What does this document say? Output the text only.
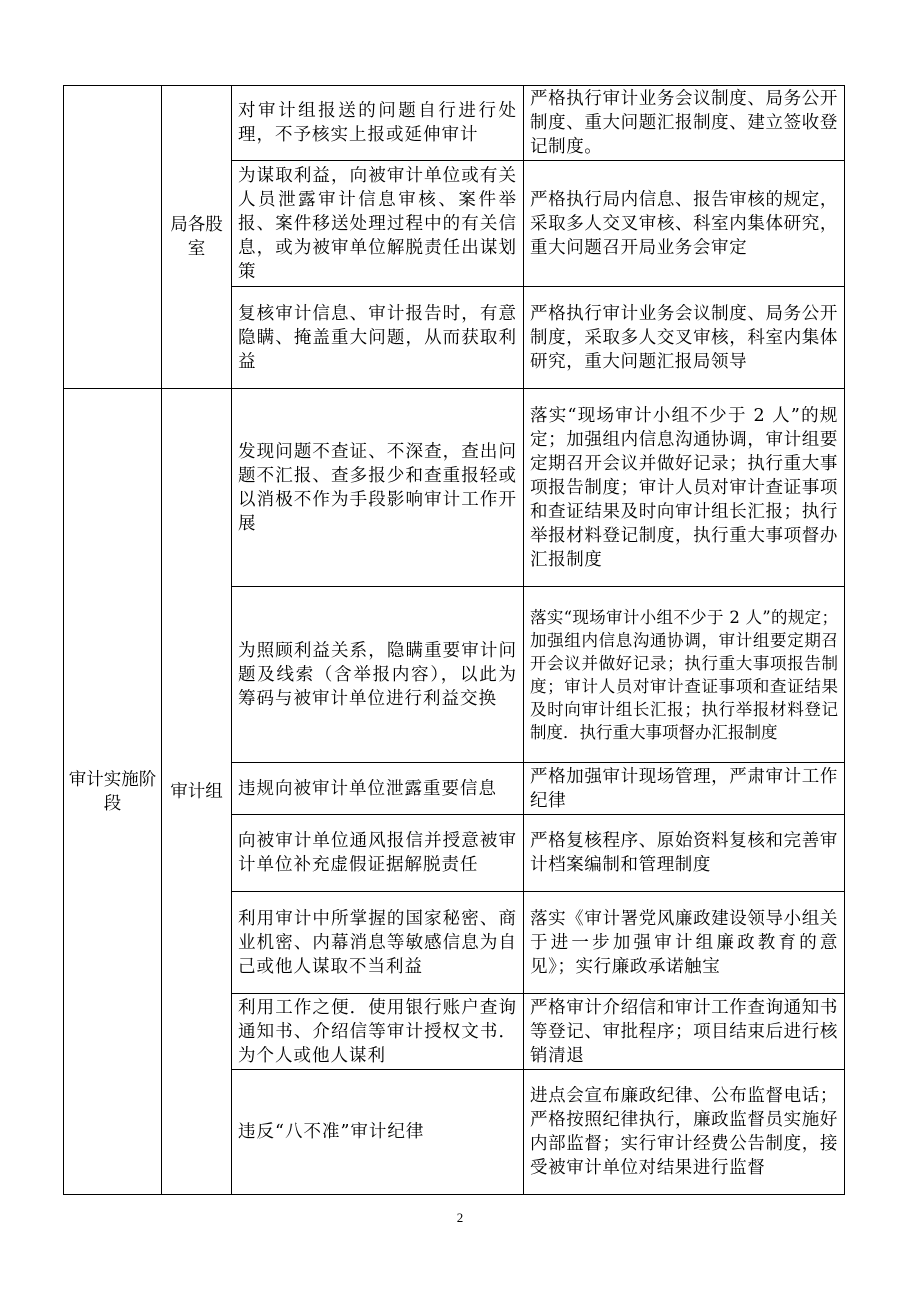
	局各股室	对审计组报送的问题自行进行处理，不予核实上报或延伸审计	严格执行审计业务会议制度、局务公开制度、重大问题汇报制度、建立签收登记制度。
		为谋取利益，向被审计单位或有关人员泄露审计信息审核、案件举报、案件移送处理过程中的有关信息，或为被审单位解脱责任出谋划策	严格执行局内信息、报告审核的规定，采取多人交叉审核、科室内集体研究，重大问题召开局业务会审定
		复核审计信息、审计报告时，有意隐瞒、掩盖重大问题，从而获取利益	严格执行审计业务会议制度、局务公开制度，采取多人交叉审核，科室内集体研究，重大问题汇报局领导
审计实施阶段	审计组	发现问题不查证、不深查，查出问题不汇报、查多报少和查重报轻或以消极不作为手段影响审计工作开展	落实“现场审计小组不少于 2 人”的规定；加强组内信息沟通协调，审计组要定期召开会议并做好记录；执行重大事项报告制度；审计人员对审计查证事项和查证结果及时向审计组长汇报；执行举报材料登记制度，执行重大事项督办汇报制度
		为照顾利益关系，隐瞒重要审计问题及线索（含举报内容），以此为筹码与被审计单位进行利益交换	落实“现场审计小组不少于 2 人”的规定；加强组内信息沟通协调，审计组要定期召开会议并做好记录；执行重大事项报告制度；审计人员对审计查证事项和查证结果及时向审计组长汇报；执行举报材料登记制度．执行重大事项督办汇报制度
		违规向被审计单位泄露重要信息	严格加强审计现场管理，严肃审计工作纪律
		向被审计单位通风报信并授意被审计单位补充虚假证据解脱责任	严格复核程序、原始资料复核和完善审计档案编制和管理制度
		利用审计中所掌握的国家秘密、商业机密、内幕消息等敏感信息为自己或他人谋取不当利益	落实《审计署党风廉政建设领导小组关于进一步加强审计组廉政教育的意见》；实行廉政承诺触宝
		利用工作之便．使用银行账户查询通知书、介绍信等审计授权文书．为个人或他人谋利	严格审计介绍信和审计工作查询通知书等登记、审批程序；项目结束后进行核销清退
		违反“八不准”审计纪律	进点会宣布廉政纪律、公布监督电话；严格按照纪律执行，廉政监督员实施好内部监督；实行审计经费公告制度，接受被审计单位对结果进行监督
2
